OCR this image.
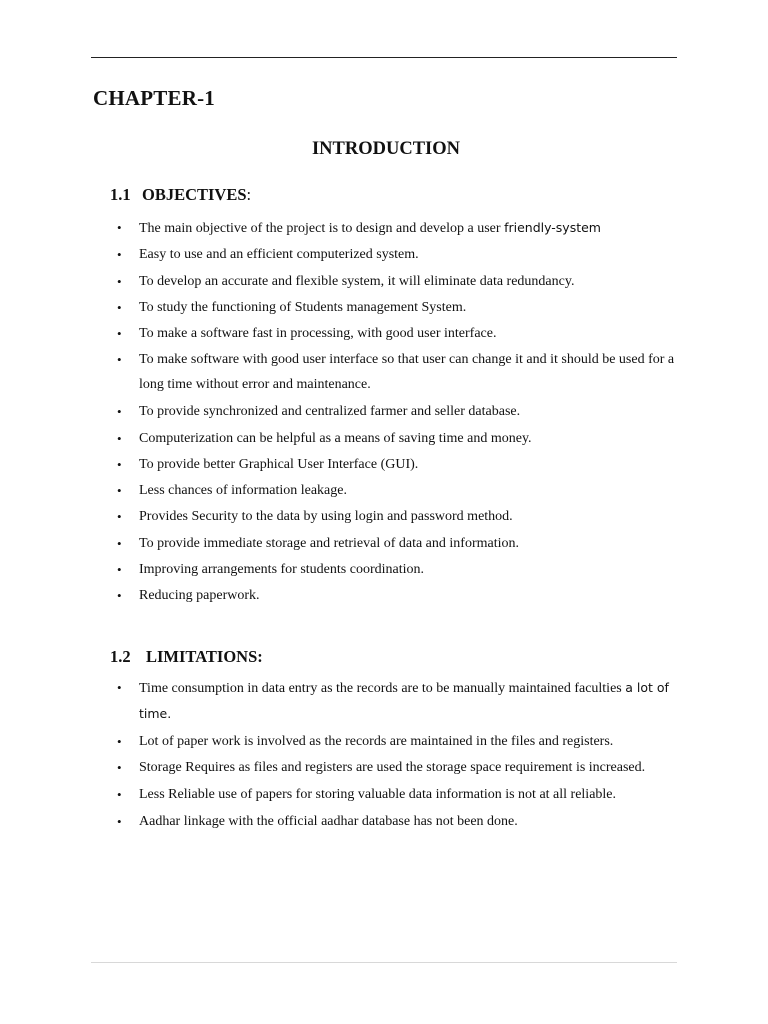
CHAPTER-1
INTRODUCTION
1.1 OBJECTIVES:
• The main objective of the project is to design and develop a user friendly-system
• Easy to use and an efficient computerized system.
• To develop an accurate and flexible system, it will eliminate data redundancy.
• To study the functioning of Students management System.
• To make a software fast in processing, with good user interface.
• To make software with good user interface so that user can change it and it should be used for a long time without error and maintenance.
• To provide synchronized and centralized farmer and seller database.
• Computerization can be helpful as a means of saving time and money.
• To provide better Graphical User Interface (GUI).
• Less chances of information leakage.
• Provides Security to the data by using login and password method.
• To provide immediate storage and retrieval of data and information.
• Improving arrangements for students coordination.
• Reducing paperwork.
1.2 LIMITATIONS:
• Time consumption in data entry as the records are to be manually maintained faculties a lot of time.
• Lot of paper work is involved as the records are maintained in the files and registers.
• Storage Requires as files and registers are used the storage space requirement is increased.
• Less Reliable use of papers for storing valuable data information is not at all reliable.
• Aadhar linkage with the official aadhar database has not been done.
